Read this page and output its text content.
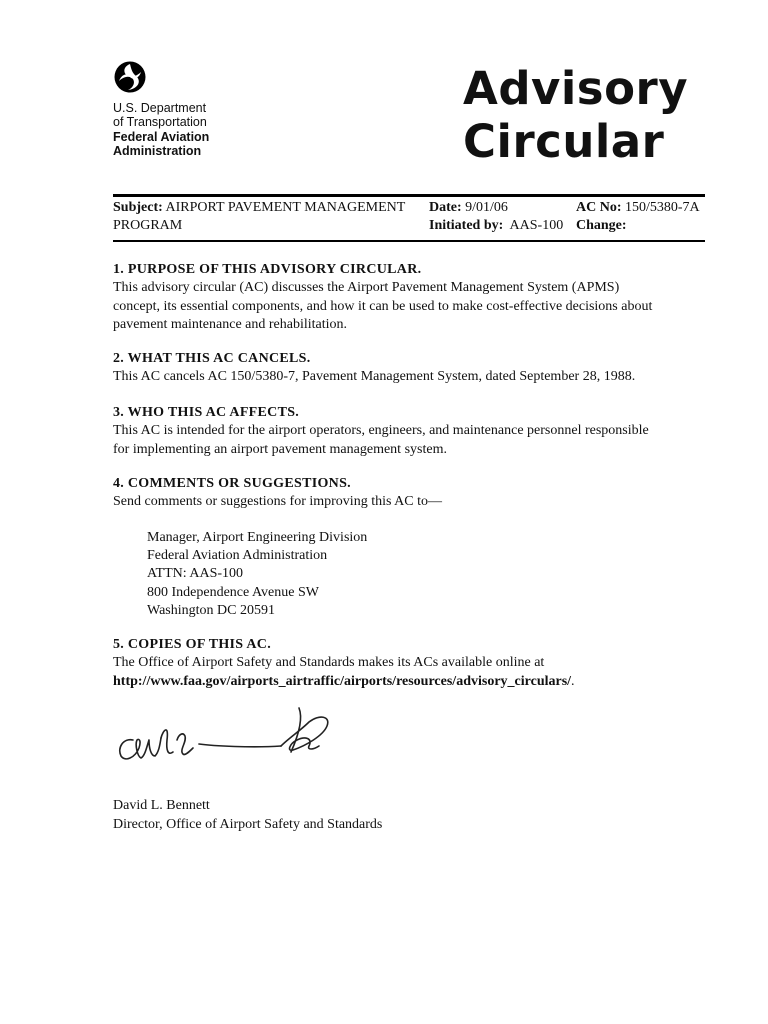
U.S. Department
of Transportation
Federal Aviation
Administration
Advisory
Circular
Subject: AIRPORT PAVEMENT MANAGEMENT
PROGRAM
Date: 9/01/06
Initiated by: AAS-100
AC No: 150/5380-7A
Change:
1. PURPOSE OF THIS ADVISORY CIRCULAR.

This advisory circular (AC) discusses the Airport Pavement Management System (APMS)

concept, its essential components, and how it can be used to make cost-effective decisions about

pavement maintenance and rehabilitation.

2. WHAT THIS AC CANCELS.

This AC cancels AC 150/5380-7, Pavement Management System, dated September 28, 1988.

3. WHO THIS AC AFFECTS.

This AC is intended for the airport operators, engineers, and maintenance personnel responsible

for implementing an airport pavement management system.

4. COMMENTS OR SUGGESTIONS.

Send comments or suggestions for improving this AC to—

Manager, Airport Engineering Division
Federal Aviation Administration
ATTN: AAS-100
800 Independence Avenue SW
Washington DC 20591
5. COPIES OF THIS AC.

The Office of Airport Safety and Standards makes its ACs available online at

http://www.faa.gov/airports_airtraffic/airports/resources/advisory_circulars/.

David L. Bennett
Director, Office of Airport Safety and Standards
